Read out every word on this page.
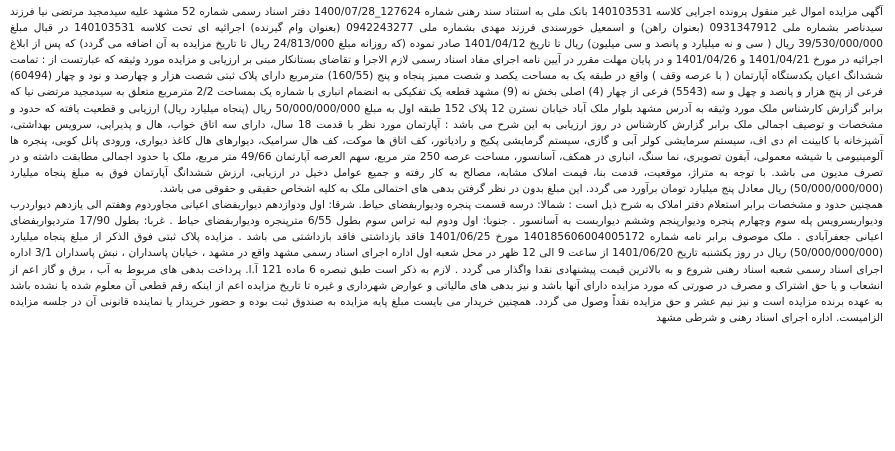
آگهی مزایده اموال غیر منقول پرونده اجرایی کلاسه 140103531 بانک ملی به استناد سند رهنی شماره 127624_1400/07/28 دفتر اسناد رسمی شماره 52 مشهد علیه سیدمجید مرتضی نیا فرزند سیدناصر بشماره ملی 0931347912 (بعنوان راهن) و اسمعیل خورسندی فرزند مهدی بشماره ملی 0942243277 (بعنوان وام گیرنده) اجرائیه ای تحت کلاسه 140103531 در قبال مبلغ 39/530/000/000 ریال ( سی و نه میلیارد و پانصد و سی میلیون) ریال تا تاریخ 1401/04/12 صادر نموده (که روزانه مبلغ 24/813/000 ریال تا تاریخ مزایده به آن اضافه می گردد) که پس از ابلاغ اجرائیه در مورخ 1401/04/21 و 1401/04/26 و در پایان مهلت مقرر در آیین نامه اجرای مفاد اسناد رسمی لازم الاجرا و تقاضای بستانکار مبنی بر ارزیابی و مزایده مورد وثیقه که عبارتست از : تمامت ششدانگ اعیان یکدستگاه آپارتمان ( با عرصه وقف ) واقع در طبقه یک به مساحت یکصد و شصت ممیز پنجاه و پنج (160/55) مترمربع دارای پلاک ثبتی شصت هزار و چهارصد و نود و چهار (60494) فرعی از پنج هزار و پانصد و چهل و سه (5543) فرعی از چهار (4) اصلی بخش نه (9) مشهد قطعه یک تفکیکی به انضمام انباری با شماره یک بمساحت 2/2 مترمربع متعلق به سیدمجید مرتضی نیا که برابر گزارش کارشناس ملک مورد وثیقه به آدرس مشهد بلوار ملک آباد خیابان نسترن 12 پلاک 152 طبقه اول به مبلغ 50/000/000/000 ریال (پنجاه میلیارد ریال) ارزیابی و قطعیت یافته که حدود و مشخصات و توصیف اجمالی ملک برابر گزارش کارشناس در روز ارزیابی به این شرح می باشد : آپارتمان مورد نظر با قدمت 18 سال، دارای سه اتاق خواب، هال و پذیرایی، سرویس بهداشتی، آشپزخانه با کابینت ام دی اف، سیستم سرمایشی کولر آبی و گازی، سیستم گرمایشی پکیج و رادیاتور، کف اتاق ها موکت، کف هال سرامیک، دیوارهای هال کاغذ دیواری، ورودی پانل کوبی، پنجره ها آلومینیومی با شیشه معمولی، آیفون تصویری، نما سنگ، انباری در همکف، آسانسور، مساحت عرصه 250 متر مربع، سهم العرصه آپارتمان 49/66 متر مربع، ملک با حدود اجمالی مطابقت داشته و در تصرف مدیون می باشد. با توجه به متراژ، موقعیت، قدمت بنا، قیمت املاک مشابه، مصالح به کار رفته و جمیع عوامل دخیل در ارزیابی، ارزش ششدانگ آپارتمان فوق به مبلغ پنجاه میلیارد (50/000/000/000) ریال معادل پنج میلیارد تومان برآورد می گردد. این مبلغ بدون در نظر گرفتن بدهی های احتمالی ملک به کلیه اشخاص حقیقی و حقوقی می باشد.
همچنین حدود و مشخصات برابر استعلام دفتر املاک به شرح ذیل است : شمالا: درسه قسمت پنجره ودیواربفضای حیاط. شرقا: اول ودوازدهم دیواربفضای اعیانی مجاوردوم وهفتم الی یازدهم دیواردرب ودیواربسرویس پله سوم وچهارم پنجره ودیوارپنجم وششم دیواربست به آسانسور . جنوبا: اول ودوم لبه تراس سوم بطول 6/55 مترپنجره ودیواربفضای حیاط . غربا: بطول 17/90 متردیواربفضای اعیانی جعفرآبادی . ملک موصوف برابر نامه شماره 140185606004005172 مورخ 1401/06/25 فاقد بازداشتی فاقد بازداشتی می باشد . مزایده پلاک ثبتی فوق الذکر از مبلغ پنجاه میلیارد (50/000/000/000) ریال در روز یکشنبه تاریخ 1401/06/20 از ساعت 9 الی 12 ظهر در محل شعبه اول اداره اجرای اسناد رسمی مشهد واقع در مشهد ، خیابان پاسداران ، نبش پاسداران 3/1 اداره اجرای اسناد رسمی شعبه اسناد رهنی شروع و به بالاترین قیمت پیشنهادی نقدا واگذار می گردد . لازم به ذکر است طبق تبصره 6 ماده 121 آ.ا. پرداخت بدهی های مربوط به آب ، برق و گاز اعم از انشعاب و یا حق اشتراک و مصرف در صورتی که مورد مزایده دارای آنها باشد و نیز بدهی های مالیاتی و عوارض شهرداری و غیره تا تاریخ مزایده اعم از اینکه رقم قطعی آن معلوم شده یا نشده باشد به عهده برنده مزایده است و نیز نیم عشر و حق مزایده نقداً وصول می گردد. همچنین خریدار می بایست مبلغ پایه مزایده به صندوق ثبت بوده و حضور خریدار یا نماینده قانونی آن در جلسه مزایده الزامیست. اداره اجرای اسناد رهنی و شرطی مشهد
